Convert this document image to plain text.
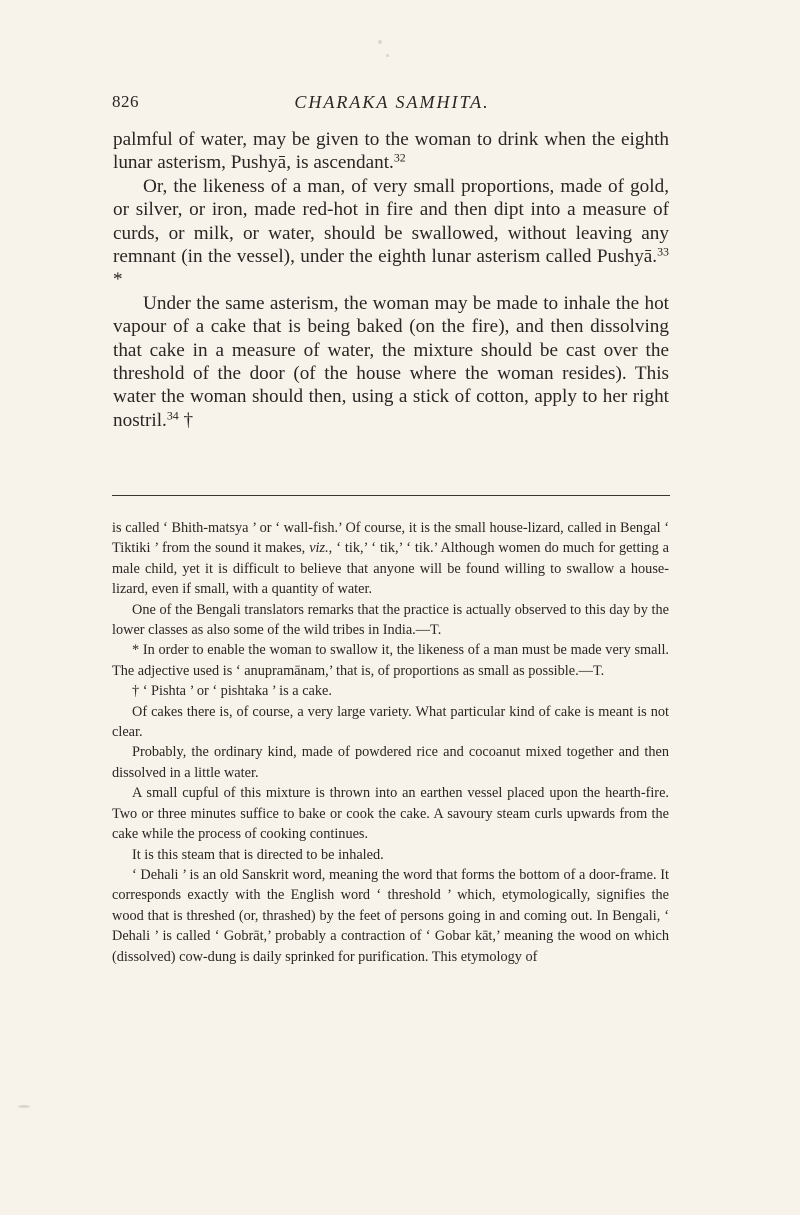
826	CHARAKA SAMHITA.

palmful of water, may be given to the woman to drink when the eighth lunar asterism, Pushyā, is ascendant.$^{32}$

Or, the likeness of a man, of very small proportions, made of gold, or silver, or iron, made red-hot in fire and then dipt into a measure of curds, or milk, or water, should be swallowed, without leaving any remnant (in the vessel), under the eighth lunar asterism called Pushyā.$^{33}$ *

Under the same asterism, the woman may be made to inhale the hot vapour of a cake that is being baked (on the fire), and then dissolving that cake in a measure of water, the mixture should be cast over the threshold of the door (of the house where the woman resides). This water the woman should then, using a stick of cotton, apply to her right nostril.$^{34}$ †

is called ‘ Bhith-matsya ’ or ‘ wall-fish.’ Of course, it is the small house-lizard, called in Bengal ‘ Tiktiki ’ from the sound it makes, viz., ‘ tik,’ ‘ tik,’ ‘ tik.’ Although women do much for getting a male child, yet it is difficult to believe that anyone will be found willing to swallow a house-lizard, even if small, with a quantity of water.

One of the Bengali translators remarks that the practice is actually observed to this day by the lower classes as also some of the wild tribes in India.—T.

* In order to enable the woman to swallow it, the likeness of a man must be made very small. The adjective used is ‘ anupramānam,’ that is, of proportions as small as possible.—T.

† ‘ Pishta ’ or ‘ pishtaka ’ is a cake.

Of cakes there is, of course, a very large variety. What particular kind of cake is meant is not clear.

Probably, the ordinary kind, made of powdered rice and cocoanut mixed together and then dissolved in a little water.

A small cupful of this mixture is thrown into an earthen vessel placed upon the hearth-fire. Two or three minutes suffice to bake or cook the cake. A savoury steam curls upwards from the cake while the process of cooking continues.

It is this steam that is directed to be inhaled.

‘ Dehali ’ is an old Sanskrit word, meaning the word that forms the bottom of a door-frame. It corresponds exactly with the English word ‘ threshold ’ which, etymologically, signifies the wood that is threshed (or, thrashed) by the feet of persons going in and coming out. In Bengali, ‘ Dehali ’ is called ‘ Gobrāt,’ probably a contraction of ‘ Gobar kāt,’ meaning the wood on which (dissolved) cow-dung is daily sprinked for purification. This etymology of
